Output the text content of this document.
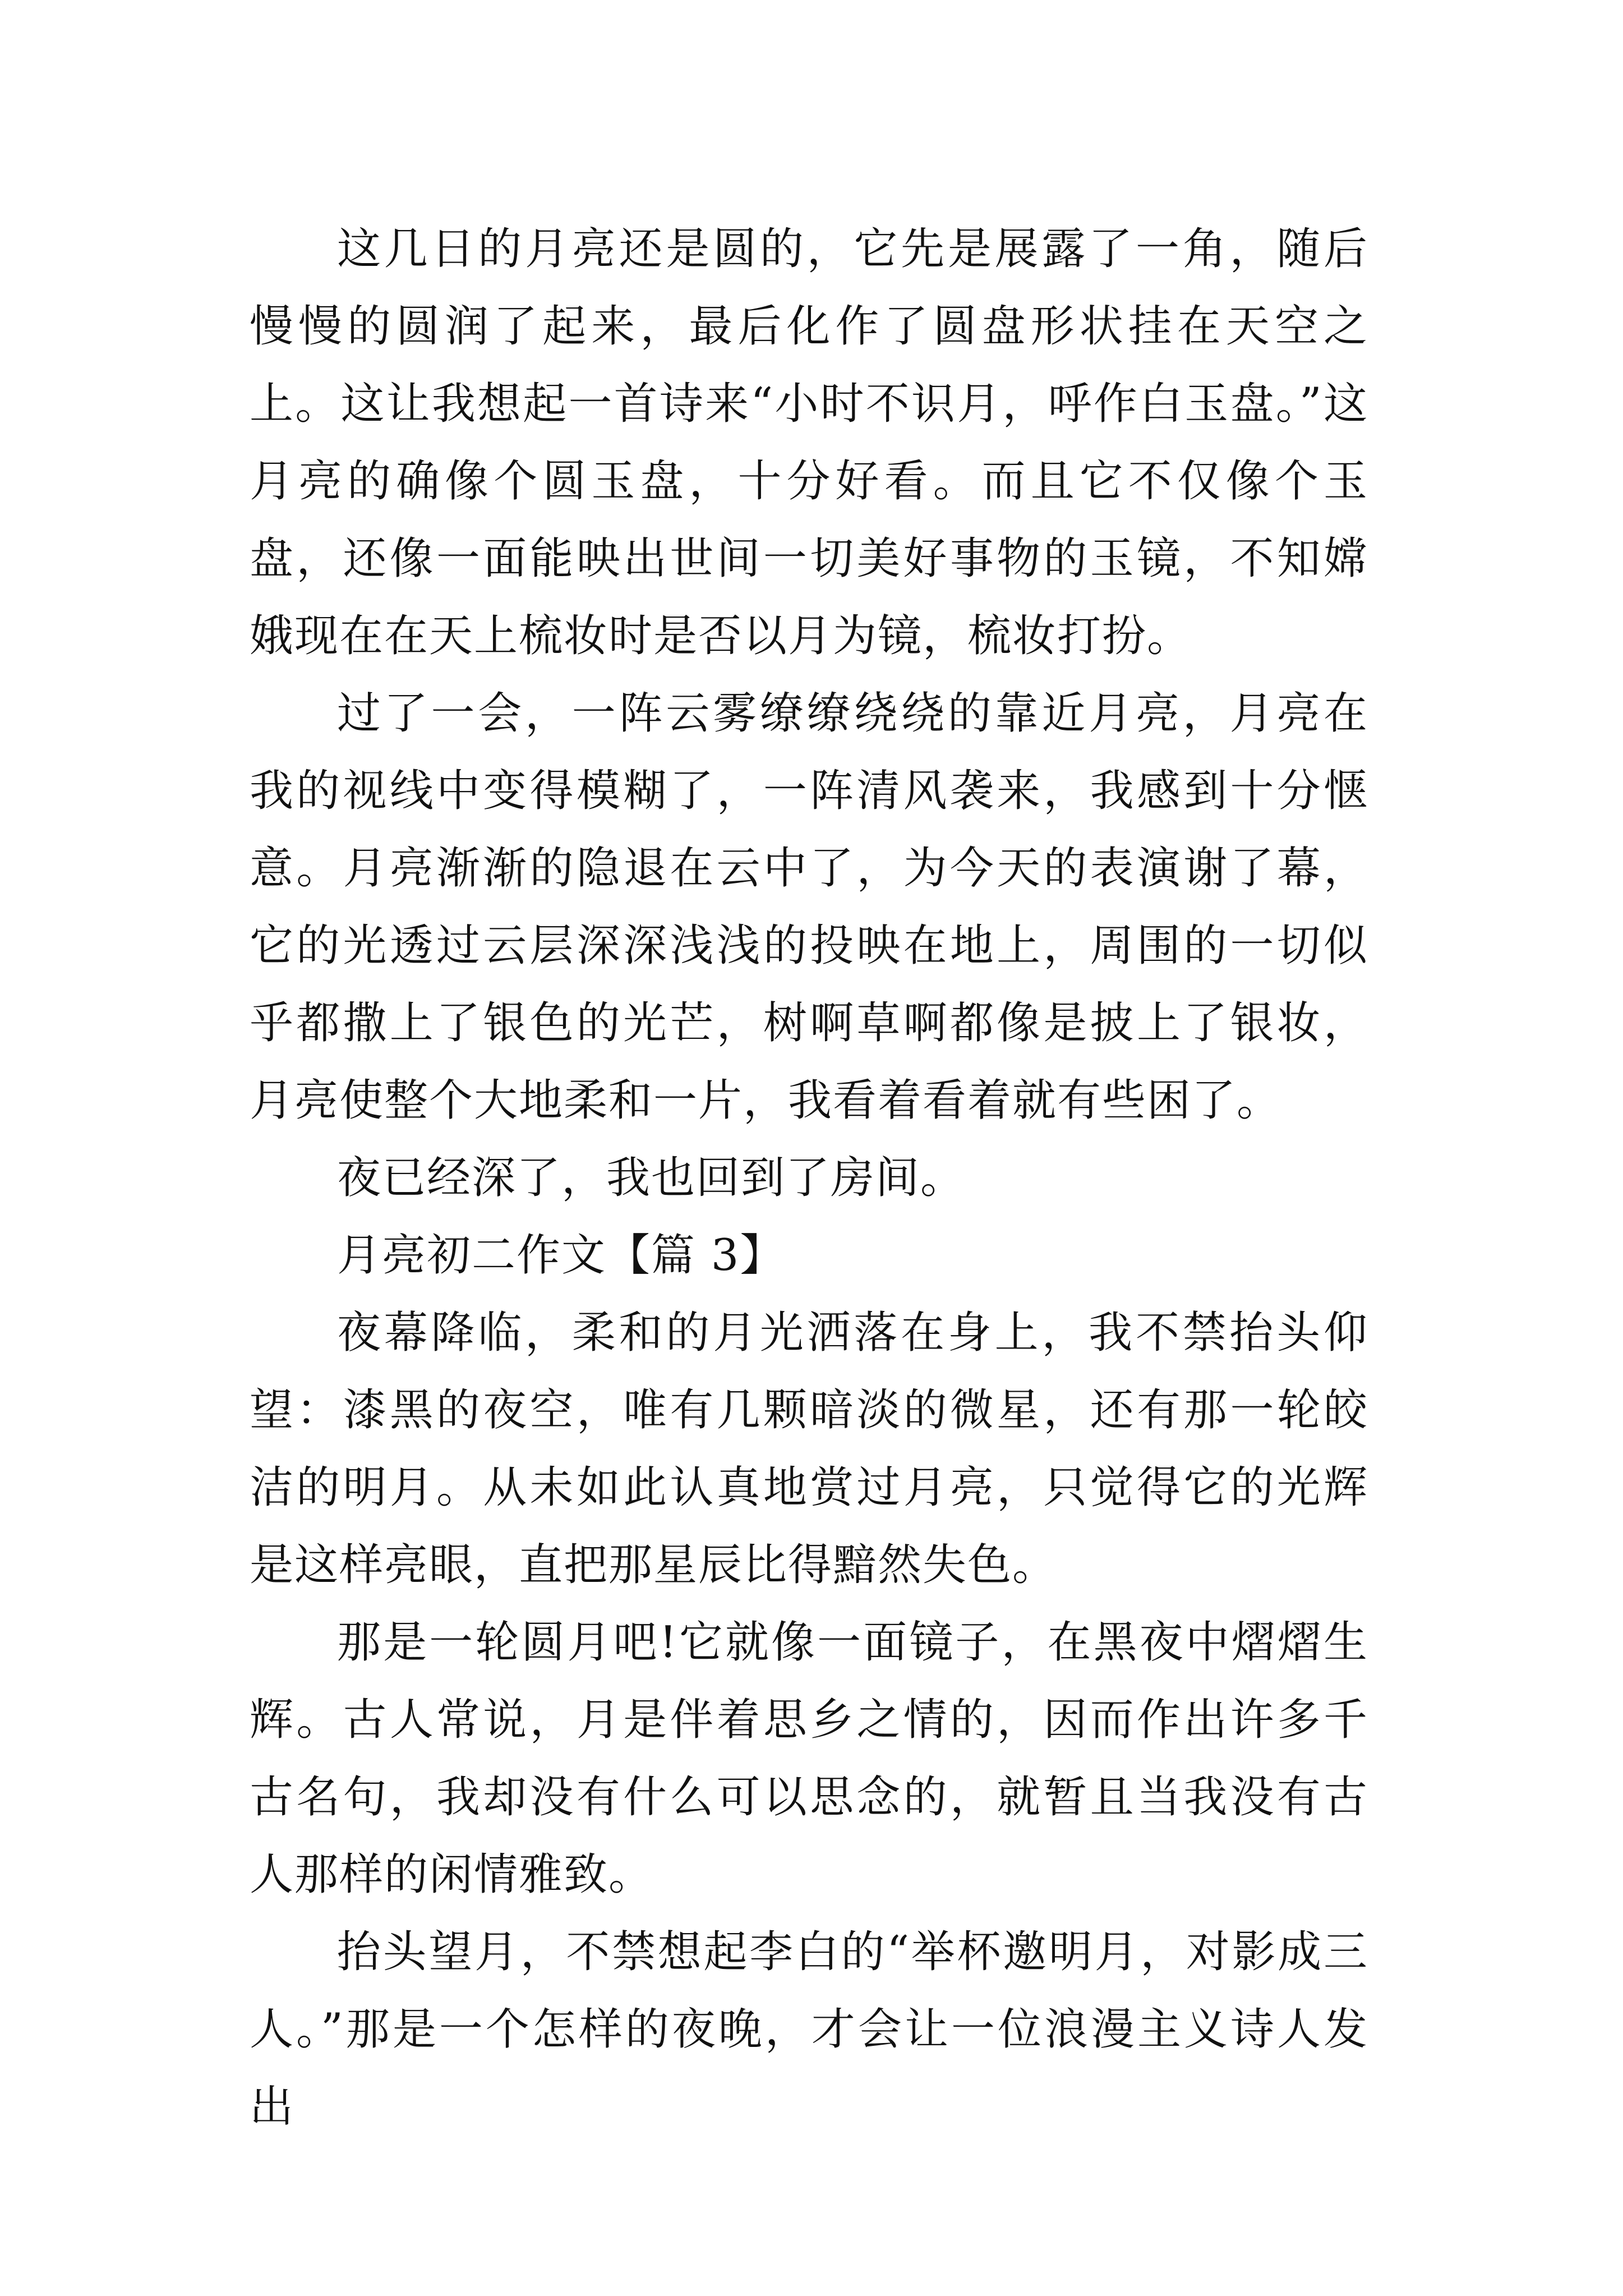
这几日的月亮还是圆的，它先是展露了一角，随后慢慢的圆润了起来，最后化作了圆盘形状挂在天空之上。这让我想起一首诗来“小时不识月，呼作白玉盘。”这月亮的确像个圆玉盘，十分好看。而且它不仅像个玉盘，还像一面能映出世间一切美好事物的玉镜，不知嫦娥现在在天上梳妆时是否以月为镜，梳妆打扮。

过了一会，一阵云雾缭缭绕绕的靠近月亮，月亮在我的视线中变得模糊了，一阵清风袭来，我感到十分惬意。月亮渐渐的隐退在云中了，为今天的表演谢了幕，它的光透过云层深深浅浅的投映在地上，周围的一切似乎都撒上了银色的光芒，树啊草啊都像是披上了银妆，月亮使整个大地柔和一片，我看着看着就有些困了。

夜已经深了，我也回到了房间。

月亮初二作文【篇 3】

夜幕降临，柔和的月光洒落在身上，我不禁抬头仰望：漆黑的夜空，唯有几颗暗淡的微星，还有那一轮皎洁的明月。从未如此认真地赏过月亮，只觉得它的光辉是这样亮眼，直把那星辰比得黯然失色。

那是一轮圆月吧!它就像一面镜子，在黑夜中熠熠生辉。古人常说，月是伴着思乡之情的，因而作出许多千古名句，我却没有什么可以思念的，就暂且当我没有古人那样的闲情雅致。

抬头望月，不禁想起李白的“举杯邀明月，对影成三人。”那是一个怎样的夜晚，才会让一位浪漫主义诗人发出
